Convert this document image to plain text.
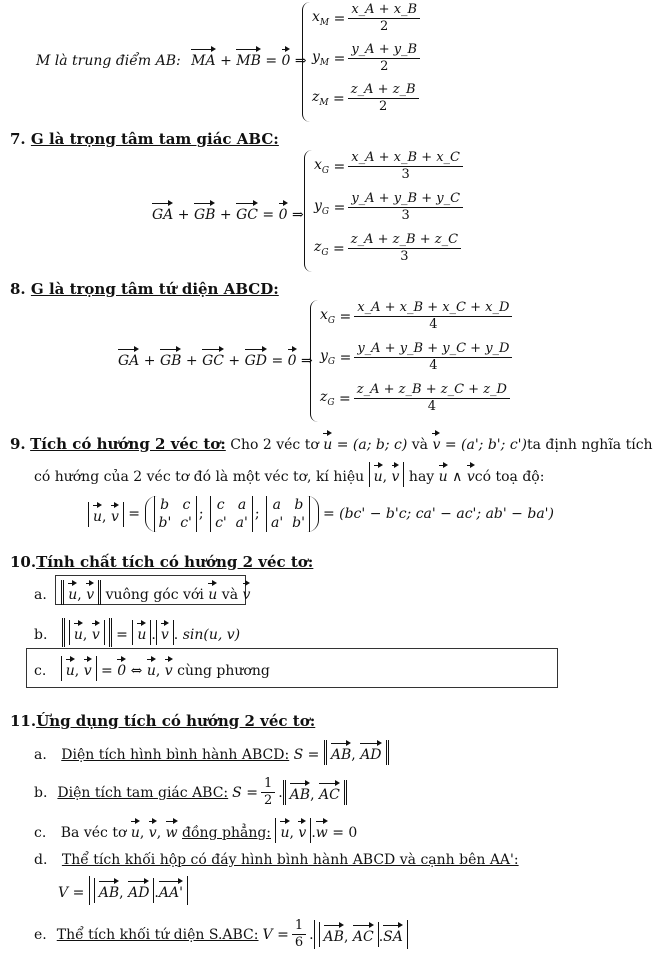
M là trung điểm AB: MA + MB = 0 ⇒
$x_M = \frac{x\_A + x\_B}{2}$
$y_M = \frac{y\_A + y\_B}{2}$
$z_M = \frac{z\_A + z\_B}{2}$
7. G là trọng tâm tam giác ABC:
GA + GB + GC = 0 ⇒
$x_G = \frac{x\_A + x\_B + x\_C}{3}$
$y_G = \frac{y\_A + y\_B + y\_C}{3}$
$z_G = \frac{z\_A + z\_B + z\_C}{3}$
8. G là trọng tâm tứ diện ABCD:
GA + GB + GC + GD = 0 ⇒
$x_G = \frac{x\_A + x\_B + x\_C + x\_D}{4}$
$y_G = \frac{y\_A + y\_B + y\_C + y\_D}{4}$
$z_G = \frac{z\_A + z\_B + z\_C + z\_D}{4}$
9. Tích có hướng 2 véc tơ: Cho 2 véc tơ u = (a; b; c) và v = (a'; b'; c')ta định nghĩa tích
có hướng của 2 véc tơ đó là một véc tơ, kí hiệu u, v hay u ∧ vcó toạ độ:
u, v =
b   c
b'  c'; c   a
c'  a'; a   b
a'  b'
= (bc' − b'c; ca' − ac'; ab' − ba')
10.Tính chất tích có hướng 2 véc tơ:
a. u, v vuông góc với u và v
b. u, v = u . v . sin(u, v)
c. u, v = 0 ⇔ u, v cùng phương
11.Ứng dụng tích có hướng 2 véc tơ:
a. Diện tích hình bình hành ABCD: S = AB, AD
b. Diện tích tam giác ABC: $S = \frac{1}{2}$ . AB, AC
c. Ba véc tơ u, v, w đồng phẳng: u, v .w = 0
d. Thể tích khối hộp có đáy hình bình hành ABCD và cạnh bên AA':
V = AB, AD .AA'
e. Thể tích khối tứ diện S.ABC: $V = \frac{1}{6}$ . AB, AC .SA
